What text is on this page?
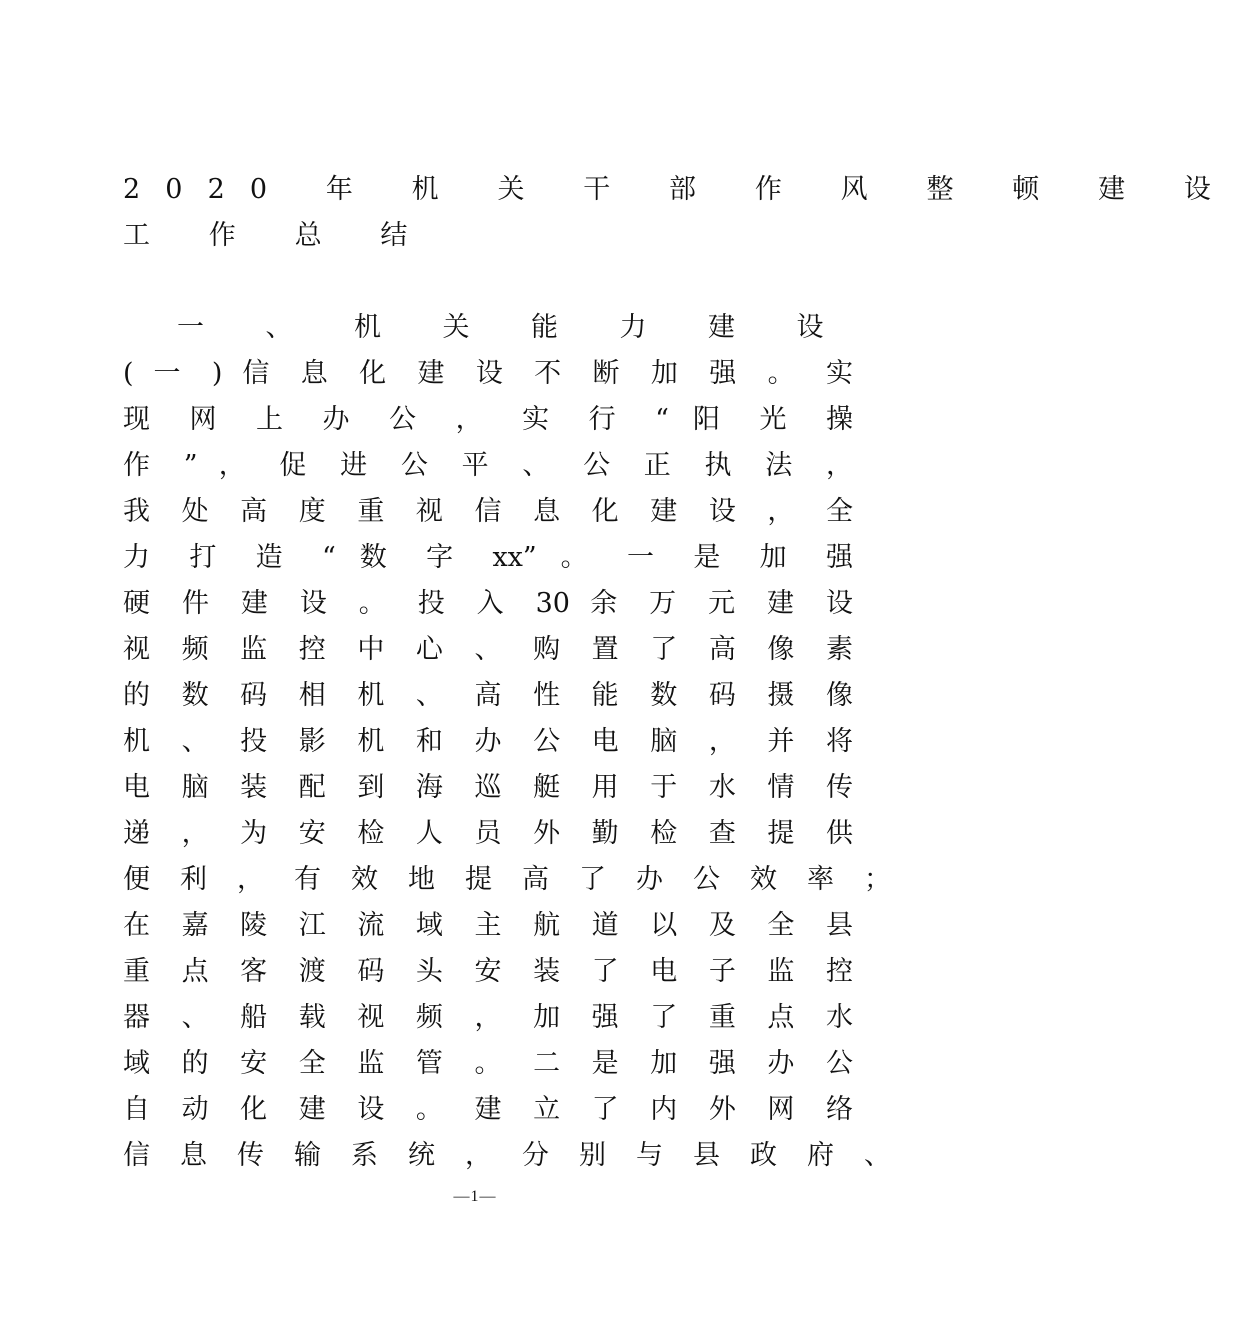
2020 年 机 关 干 部 作 风 整 顿 建 设
工 作 总 结
一 、 机 关 能 力 建 设
( 一 ) 信 息 化 建 设 不 断 加 强 。 实
现 网 上 办 公 ， 实 行 “ 阳 光 操
作 ” ， 促 进 公 平 、 公 正 执 法 ，
我 处 高 度 重 视 信 息 化 建 设 ， 全
力 打 造 “ 数 字 xx” 。 一 是 加 强
硬 件 建 设 。 投 入 30 余 万 元 建 设
视 频 监 控 中 心 、 购 置 了 高 像 素
的 数 码 相 机 、 高 性 能 数 码 摄 像
机 、 投 影 机 和 办 公 电 脑 ， 并 将
电 脑 装 配 到 海 巡 艇 用 于 水 情 传
递 ， 为 安 检 人 员 外 勤 检 查 提 供
便 利 ， 有 效 地 提 高 了 办 公 效 率 ；
在 嘉 陵 江 流 域 主 航 道 以 及 全 县
重 点 客 渡 码 头 安 装 了 电 子 监 控
器 、 船 载 视 频 ， 加 强 了 重 点 水
域 的 安 全 监 管 。 二 是 加 强 办 公
自 动 化 建 设 。 建 立 了 内 外 网 络
信 息 传 输 系 统 ， 分 别 与 县 政 府 、
—1—
